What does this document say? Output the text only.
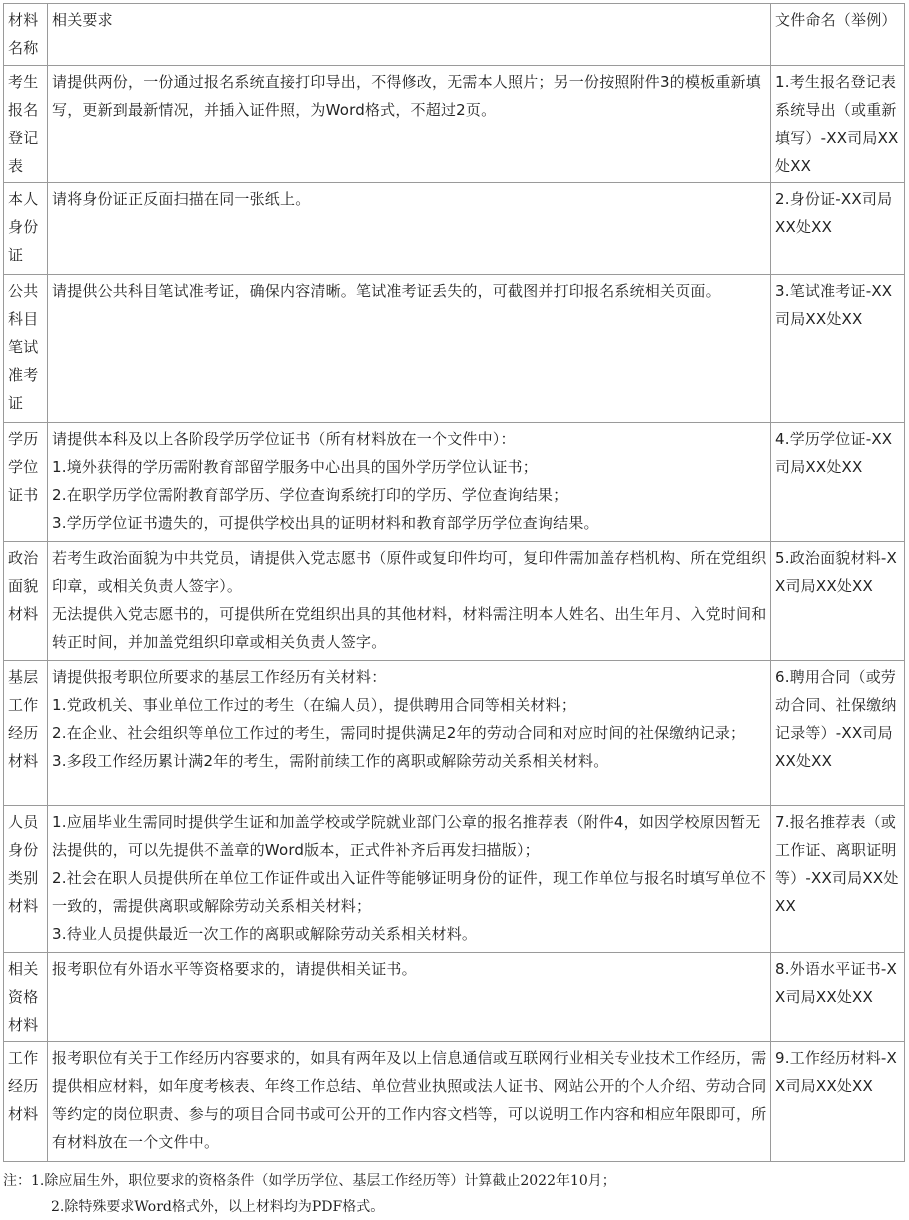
材料名称	相关要求	文件命名（举例）
考生报名登记表	请提供两份，一份通过报名系统直接打印导出，不得修改，无需本人照片；另一份按照附件3的模板重新填写，更新到最新情况，并插入证件照，为Word格式，不超过2页。	1.考生报名登记表系统导出（或重新填写）-XX司局XX处XX
本人身份证	请将身份证正反面扫描在同一张纸上。	2.身份证-XX司局XX处XX
公共科目笔试准考证	请提供公共科目笔试准考证，确保内容清晰。笔试准考证丢失的，可截图并打印报名系统相关页面。	3.笔试准考证-XX司局XX处XX
学历学位证书	请提供本科及以上各阶段学历学位证书（所有材料放在一个文件中）：
1.境外获得的学历需附教育部留学服务中心出具的国外学历学位认证书；
2.在职学历学位需附教育部学历、学位查询系统打印的学历、学位查询结果；
3.学历学位证书遗失的，可提供学校出具的证明材料和教育部学历学位查询结果。	4.学历学位证-XX司局XX处XX
政治面貌材料	若考生政治面貌为中共党员，请提供入党志愿书（原件或复印件均可，复印件需加盖存档机构、所在党组织印章，或相关负责人签字）。
无法提供入党志愿书的，可提供所在党组织出具的其他材料，材料需注明本人姓名、出生年月、入党时间和转正时间，并加盖党组织印章或相关负责人签字。	5.政治面貌材料-XX司局XX处XX
基层工作经历材料	请提供报考职位所要求的基层工作经历有关材料：
1.党政机关、事业单位工作过的考生（在编人员），提供聘用合同等相关材料；
2.在企业、社会组织等单位工作过的考生，需同时提供满足2年的劳动合同和对应时间的社保缴纳记录；
3.多段工作经历累计满2年的考生，需附前续工作的离职或解除劳动关系相关材料。	6.聘用合同（或劳动合同、社保缴纳记录等）-XX司局XX处XX
人员身份类别材料	1.应届毕业生需同时提供学生证和加盖学校或学院就业部门公章的报名推荐表（附件4，如因学校原因暂无法提供的，可以先提供不盖章的Word版本，正式件补齐后再发扫描版）；
2.社会在职人员提供所在单位工作证件或出入证件等能够证明身份的证件，现工作单位与报名时填写单位不一致的，需提供离职或解除劳动关系相关材料；
3.待业人员提供最近一次工作的离职或解除劳动关系相关材料。	7.报名推荐表（或工作证、离职证明等）-XX司局XX处XX
相关资格材料	报考职位有外语水平等资格要求的，请提供相关证书。	8.外语水平证书-XX司局XX处XX
工作经历材料	报考职位有关于工作经历内容要求的，如具有两年及以上信息通信或互联网行业相关专业技术工作经历，需提供相应材料，如年度考核表、年终工作总结、单位营业执照或法人证书、网站公开的个人介绍、劳动合同等约定的岗位职责、参与的项目合同书或可公开的工作内容文档等，可以说明工作内容和相应年限即可，所有材料放在一个文件中。	9.工作经历材料-XX司局XX处XX
注：1.除应届生外，职位要求的资格条件（如学历学位、基层工作经历等）计算截止2022年10月；
2.除特殊要求Word格式外，以上材料均为PDF格式。
